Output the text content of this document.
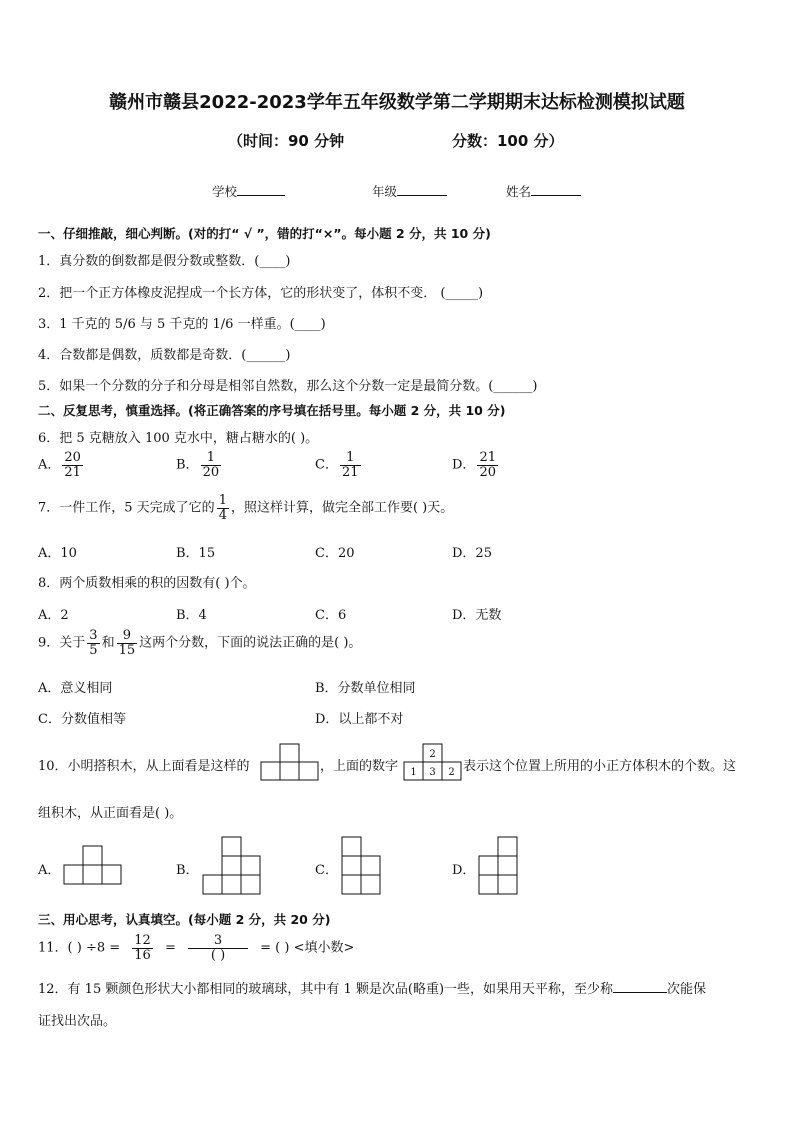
赣州市赣县2022-2023学年五年级数学第二学期期末达标检测模拟试题
（时间：90 分钟	分数：100 分）
学校	年级	姓名
一、仔细推敲，细心判断。(对的打“ √ ”，错的打“×”。每小题 2 分，共 10 分)
1．真分数的倒数都是假分数或整数．(____)
2．把一个正方体橡皮泥捏成一个长方体，它的形状变了，体积不变． (_____)
3．1 千克的 5/6 与 5 千克的 1/6 一样重。(____)
4．合数都是偶数，质数都是奇数．(______)
5．如果一个分数的分子和分母是相邻自然数，那么这个分数一定是最简分数。(______)
二、反复思考，慎重选择。(将正确答案的序号填在括号里。每小题 2 分，共 10 分)
6．把 5 克糖放入 100 克水中，糖占糖水的( )。
A． $\frac{20}{21}$	B． $\frac{1}{20}$	C． $\frac{1}{21}$	D． $\frac{21}{20}$
7．一件工作，5 天完成了它的 $\frac{1}{4}$ ，照这样计算，做完全部工作要( )天。
A．10	B．15	C．20	D．25
8．两个质数相乘的积的因数有( )个。
A．2	B．4	C．6	D．无数
9．关于 $\frac{3}{5}$ 和 $\frac{9}{15}$ 这两个分数，下面的说法正确的是( )。
A．意义相同	B．分数单位相同
C．分数值相等	D．以上都不对
10．小明搭积木，从上面看是这样的	，上面的数字
2
1 3 2 表示这个位置上所用的小正方体积木的个数。这
组积木，从正面看是( )。
A．	B．	C．	D．
三、用心思考，认真填空。(每小题 2 分，共 20 分)
11．( ) $\div 8 = \frac{12}{16} = \frac{3}{( )}$ = ( ) <填小数>
12．有 15 颗颜色形状大小都相同的玻璃球，其中有 1 颗是次品(略重)一些，如果用天平称，至少称	次能保
证找出次品。
